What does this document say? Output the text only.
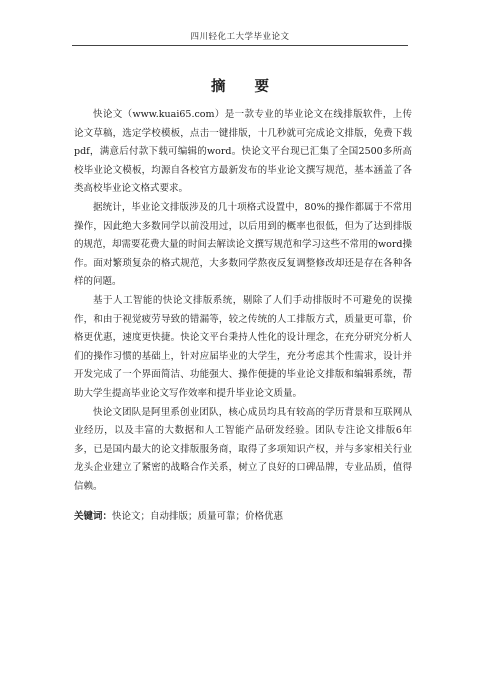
四川轻化工大学毕业论文
摘 要

快论文（www.kuai65.com）是一款专业的毕业论文在线排版软件，上传论文草稿，选定学校模板，点击一键排版，十几秒就可完成论文排版，免费下载pdf，满意后付款下载可编辑的word。快论文平台现已汇集了全国2500多所高校毕业论文模板，均源自各校官方最新发布的毕业论文撰写规范，基本涵盖了各类高校毕业论文格式要求。

据统计，毕业论文排版涉及的几十项格式设置中，80%的操作都属于不常用操作，因此绝大多数同学以前没用过，以后用到的概率也很低，但为了达到排版的规范，却需要花费大量的时间去解读论文撰写规范和学习这些不常用的word操作。面对繁琐复杂的格式规范，大多数同学熬夜反复调整修改却还是存在各种各样的问题。

基于人工智能的快论文排版系统，剔除了人们手动排版时不可避免的误操作，和由于视觉疲劳导致的错漏等，较之传统的人工排版方式，质量更可靠，价格更优惠，速度更快捷。快论文平台秉持人性化的设计理念，在充分研究分析人们的操作习惯的基础上，针对应届毕业的大学生，充分考虑其个性需求，设计并开发完成了一个界面简洁、功能强大、操作便捷的毕业论文排版和编辑系统，帮助大学生提高毕业论文写作效率和提升毕业论文质量。

快论文团队是阿里系创业团队，核心成员均具有较高的学历背景和互联网从业经历，以及丰富的大数据和人工智能产品研发经验。团队专注论文排版6年多，已是国内最大的论文排版服务商，取得了多项知识产权，并与多家相关行业龙头企业建立了紧密的战略合作关系，树立了良好的口碑品牌，专业品质，值得信赖。

关键词：快论文；自动排版；质量可靠；价格优惠
